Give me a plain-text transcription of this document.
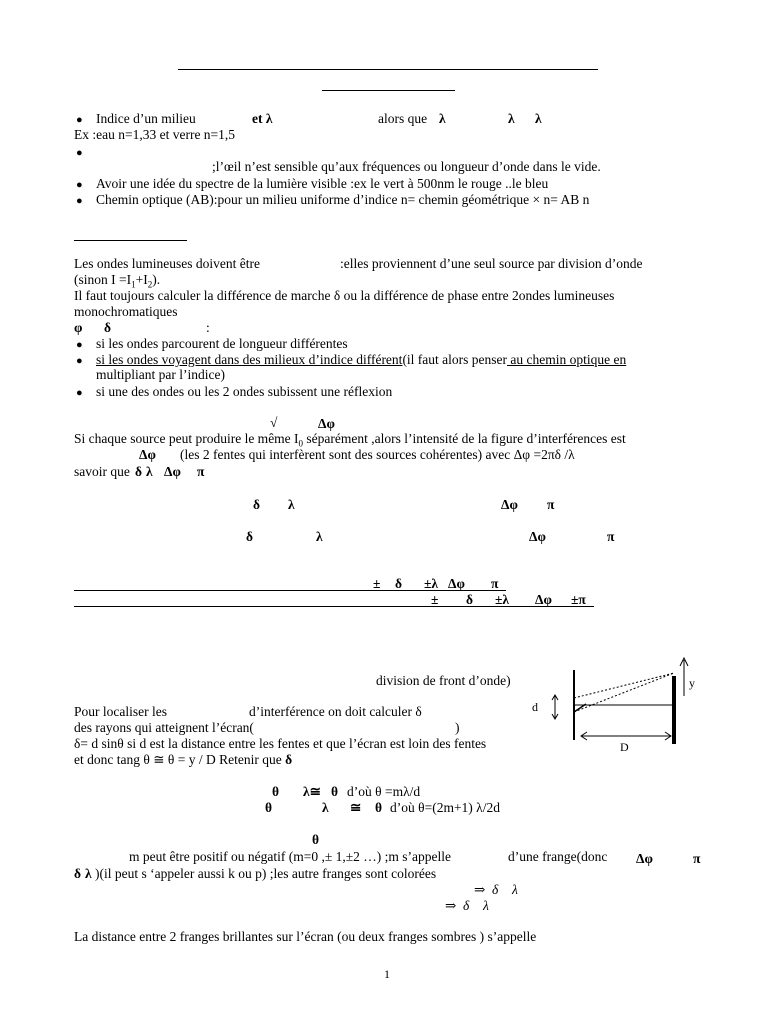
● Indice d’un milieu	et λ	alors que λ	λ λ
Ex :eau n=1,33 et verre n=1,5
●
;l’œil n’est sensible qu’aux fréquences ou longueur d’onde dans le vide.
● Avoir une idée du spectre de la lumière visible :ex le vert à 500nm le rouge ..le bleu
● Chemin optique (AB):pour un milieu uniforme d’indice n= chemin géométrique × n= AB n
Les ondes lumineuses doivent être	:elles proviennent d’une seul source par division d’onde
(sinon $I =I_1+I_2$).
Il faut toujours calculer la différence de marche δ ou la différence de phase entre 2ondes lumineuses
monochromatiques
φ δ	:
● si les ondes parcourent de longueur différentes
● si les ondes voyagent dans des milieux d’indice différent(il faut alors penser au chemin optique en
multipliant par l’indice)
● si une des ondes ou les 2 ondes subissent une réflexion
√	Δφ
Si chaque source peut produire le même $I_0$ séparément ,alors l’intensité de la figure d’interférences est
Δφ (les 2 fentes qui interfèrent sont des sources cohérentes) avec Δφ =2πδ /λ
savoir que δ λ Δφ π
δ λ	Δφ π
δ	λ	Δφ	π
± δ ±λ Δφ π
± δ ±λ Δφ ±π
division de front d’onde)
Pour localiser les	d’interférence on doit calculer δ
des rayons qui atteignent l’écran(	)
δ= d sinθ si d est la distance entre les fentes et que l’écran est loin des fentes
et donc tang θ ≅ θ = y / D Retenir que δ
θ λ≅ θ d’où θ =mλ/d
θ	λ ≅ θ d’où θ=(2m+1) λ/2d
θ
m peut être positif ou négatif (m=0 ,± 1,±2 …) ;m s’appelle	d’une frange(donc Δφ	π
δ λ )(il peut s ‘appeler aussi k ou p) ;les autre franges sont colorées
⇒ δ λ
⇒ δ λ
La distance entre 2 franges brillantes sur l’écran (ou deux franges sombres ) s’appelle
y
d
D
1
